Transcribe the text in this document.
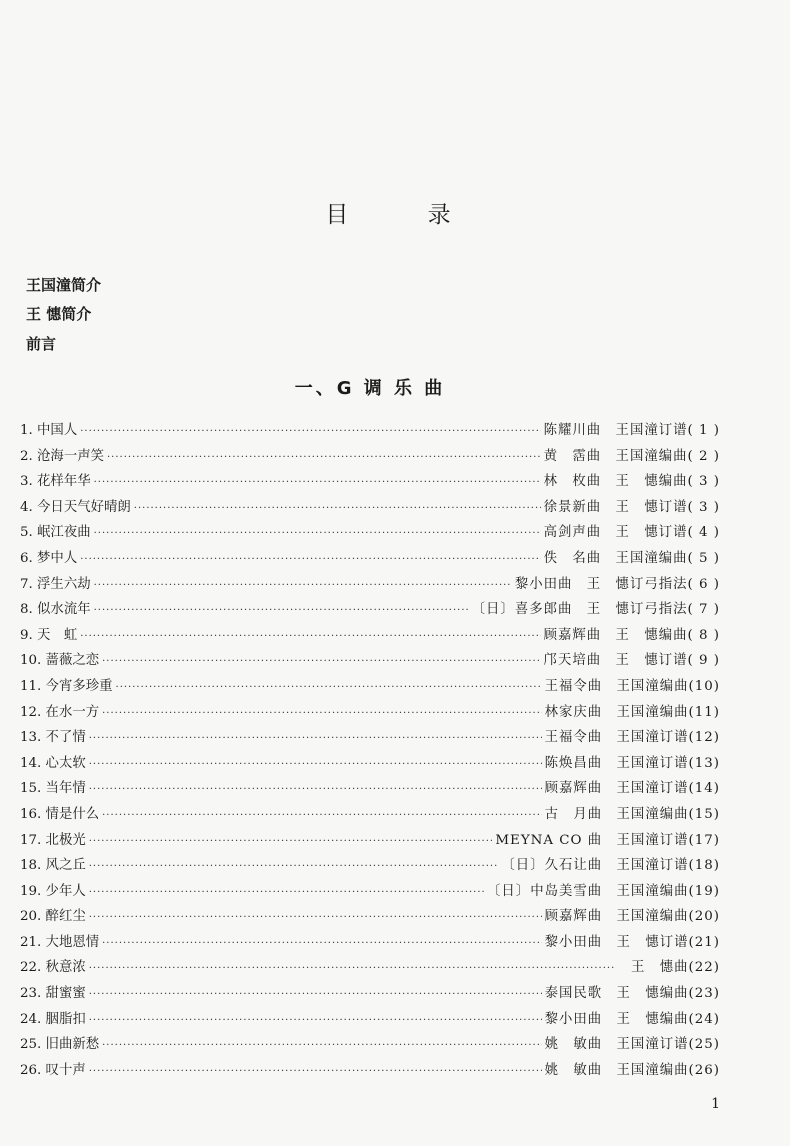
目 录
王国潼简介
王 憓简介
前言
一、G 调 乐 曲
1. 中国人 ·····	陈耀川曲　王国潼订谱( 1 )
2. 沧海一声笑 ·····	黄　霑曲　王国潼编曲( 2 )
3. 花样年华 ·····	林　枚曲　王　憓编曲( 3 )
4. 今日天气好晴朗 ·····	徐景新曲　王　憓订谱( 3 )
5. 岷江夜曲 ·····	高剑声曲　王　憓订谱( 4 )
6. 梦中人 ·····	佚　名曲　王国潼编曲( 5 )
7. 浮生六劫 ·····	黎小田曲　王　憓订弓指法( 6 )
8. 似水流年 ·····	〔日〕喜多郎曲　王　憓订弓指法( 7 )
9. 天　虹 ·····	顾嘉辉曲　王　憓编曲( 8 )
10. 蔷薇之恋 ·····	邝天培曲　王　憓订谱( 9 )
11. 今宵多珍重 ·····	王福令曲　王国潼编曲(10)
12. 在水一方 ·····	林家庆曲　王国潼编曲(11)
13. 不了情 ·····	王福令曲　王国潼订谱(12)
14. 心太软 ·····	陈焕昌曲　王国潼订谱(13)
15. 当年情 ·····	顾嘉辉曲　王国潼订谱(14)
16. 情是什么 ·····	古　月曲　王国潼编曲(15)
17. 北极光 ·····	MEYNA CO 曲　王国潼订谱(17)
18. 风之丘 ·····	〔日〕久石让曲　王国潼订谱(18)
19. 少年人 ·····	〔日〕中岛美雪曲　王国潼编曲(19)
20. 醉红尘 ·····	顾嘉辉曲　王国潼编曲(20)
21. 大地恩情 ·····	黎小田曲　王　憓订谱(21)
22. 秋意浓 ·····	王　憓曲(22)
23. 甜蜜蜜 ·····	泰国民歌　王　憓编曲(23)
24. 胭脂扣 ·····	黎小田曲　王　憓编曲(24)
25. 旧曲新愁 ·····	姚　敏曲　王国潼订谱(25)
26. 叹十声 ·····	姚　敏曲　王国潼编曲(26)
1
